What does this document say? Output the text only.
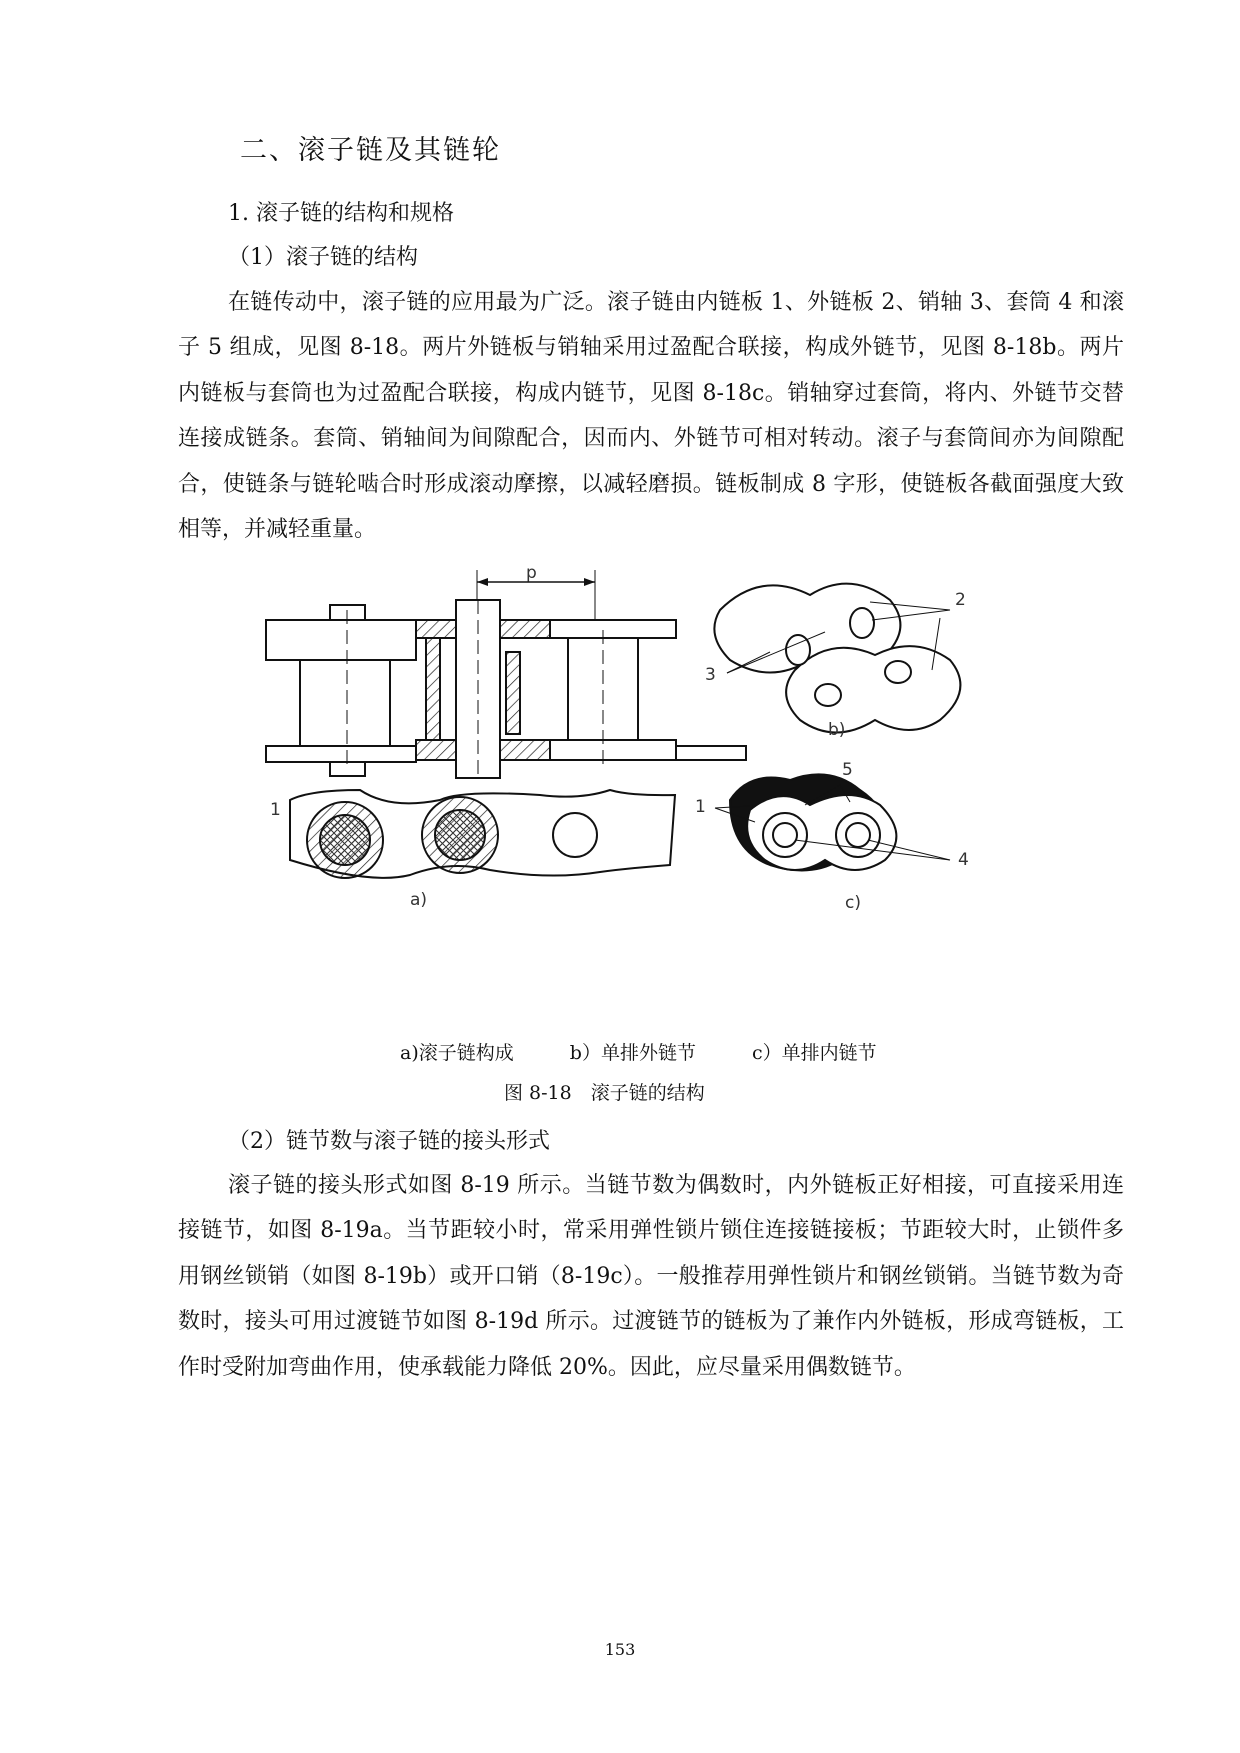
二、滚子链及其链轮
1. 滚子链的结构和规格
（1）滚子链的结构
在链传动中，滚子链的应用最为广泛。滚子链由内链板 1、外链板 2、销轴 3、套筒 4 和滚子 5 组成，见图 8-18。两片外链板与销轴采用过盈配合联接，构成外链节，见图 8-18b。两片内链板与套筒也为过盈配合联接，构成内链节，见图 8-18c。销轴穿过套筒，将内、外链节交替连接成链条。套筒、销轴间为间隙配合，因而内、外链节可相对转动。滚子与套筒间亦为间隙配合，使链条与链轮啮合时形成滚动摩擦，以减轻磨损。链板制成 8 字形，使链板各截面强度大致相等，并减轻重量。
1
p
a)
2
3
b)
1
5
4
c)
a)滚子链构成	b）单排外链节	c）单排内链节
图 8-18　滚子链的结构
（2）链节数与滚子链的接头形式
滚子链的接头形式如图 8-19 所示。当链节数为偶数时，内外链板正好相接，可直接采用连接链节，如图 8-19a。当节距较小时，常采用弹性锁片锁住连接链接板；节距较大时，止锁件多用钢丝锁销（如图 8-19b）或开口销（8-19c）。一般推荐用弹性锁片和钢丝锁销。当链节数为奇数时，接头可用过渡链节如图 8-19d 所示。过渡链节的链板为了兼作内外链板，形成弯链板，工作时受附加弯曲作用，使承载能力降低 20%。因此，应尽量采用偶数链节。
153
